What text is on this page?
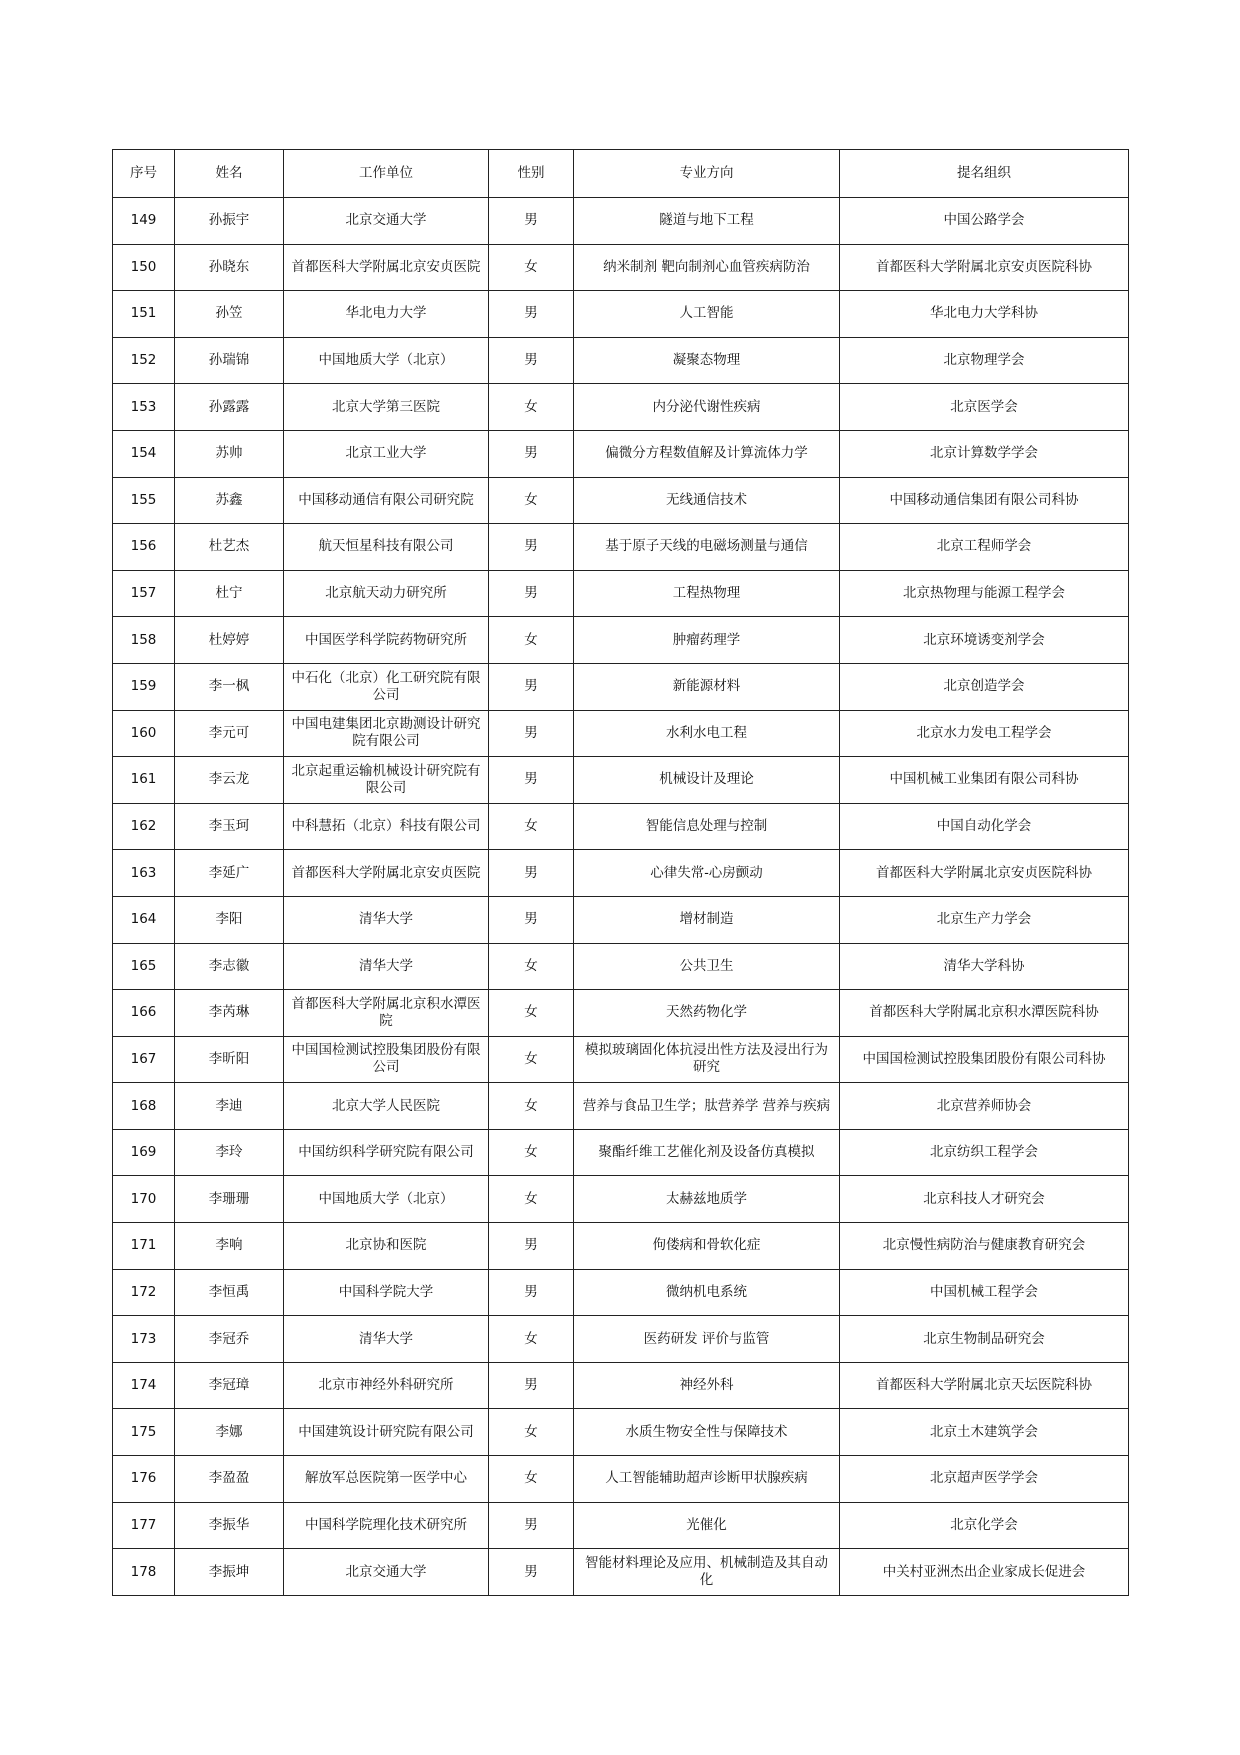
序号	姓名	工作单位	性别	专业方向	提名组织
149	孙振宇	北京交通大学	男	隧道与地下工程	中国公路学会
150	孙晓东	首都医科大学附属北京安贞医院	女	纳米制剂 靶向制剂心血管疾病防治	首都医科大学附属北京安贞医院科协
151	孙笠	华北电力大学	男	人工智能	华北电力大学科协
152	孙瑞锦	中国地质大学（北京）	男	凝聚态物理	北京物理学会
153	孙露露	北京大学第三医院	女	内分泌代谢性疾病	北京医学会
154	苏帅	北京工业大学	男	偏微分方程数值解及计算流体力学	北京计算数学学会
155	苏鑫	中国移动通信有限公司研究院	女	无线通信技术	中国移动通信集团有限公司科协
156	杜艺杰	航天恒星科技有限公司	男	基于原子天线的电磁场测量与通信	北京工程师学会
157	杜宁	北京航天动力研究所	男	工程热物理	北京热物理与能源工程学会
158	杜婷婷	中国医学科学院药物研究所	女	肿瘤药理学	北京环境诱变剂学会
159	李一枫	中石化（北京）化工研究院有限公司	男	新能源材料	北京创造学会
160	李元可	中国电建集团北京勘测设计研究院有限公司	男	水利水电工程	北京水力发电工程学会
161	李云龙	北京起重运输机械设计研究院有限公司	男	机械设计及理论	中国机械工业集团有限公司科协
162	李玉珂	中科慧拓（北京）科技有限公司	女	智能信息处理与控制	中国自动化学会
163	李延广	首都医科大学附属北京安贞医院	男	心律失常-心房颤动	首都医科大学附属北京安贞医院科协
164	李阳	清华大学	男	增材制造	北京生产力学会
165	李志徽	清华大学	女	公共卫生	清华大学科协
166	李芮琳	首都医科大学附属北京积水潭医院	女	天然药物化学	首都医科大学附属北京积水潭医院科协
167	李昕阳	中国国检测试控股集团股份有限公司	女	模拟玻璃固化体抗浸出性方法及浸出行为研究	中国国检测试控股集团股份有限公司科协
168	李迪	北京大学人民医院	女	营养与食品卫生学；肽营养学 营养与疾病	北京营养师协会
169	李玲	中国纺织科学研究院有限公司	女	聚酯纤维工艺催化剂及设备仿真模拟	北京纺织工程学会
170	李珊珊	中国地质大学（北京）	女	太赫兹地质学	北京科技人才研究会
171	李响	北京协和医院	男	佝偻病和骨软化症	北京慢性病防治与健康教育研究会
172	李恒禹	中国科学院大学	男	微纳机电系统	中国机械工程学会
173	李冠乔	清华大学	女	医药研发 评价与监管	北京生物制品研究会
174	李冠璋	北京市神经外科研究所	男	神经外科	首都医科大学附属北京天坛医院科协
175	李娜	中国建筑设计研究院有限公司	女	水质生物安全性与保障技术	北京土木建筑学会
176	李盈盈	解放军总医院第一医学中心	女	人工智能辅助超声诊断甲状腺疾病	北京超声医学学会
177	李振华	中国科学院理化技术研究所	男	光催化	北京化学会
178	李振坤	北京交通大学	男	智能材料理论及应用、机械制造及其自动化	中关村亚洲杰出企业家成长促进会
